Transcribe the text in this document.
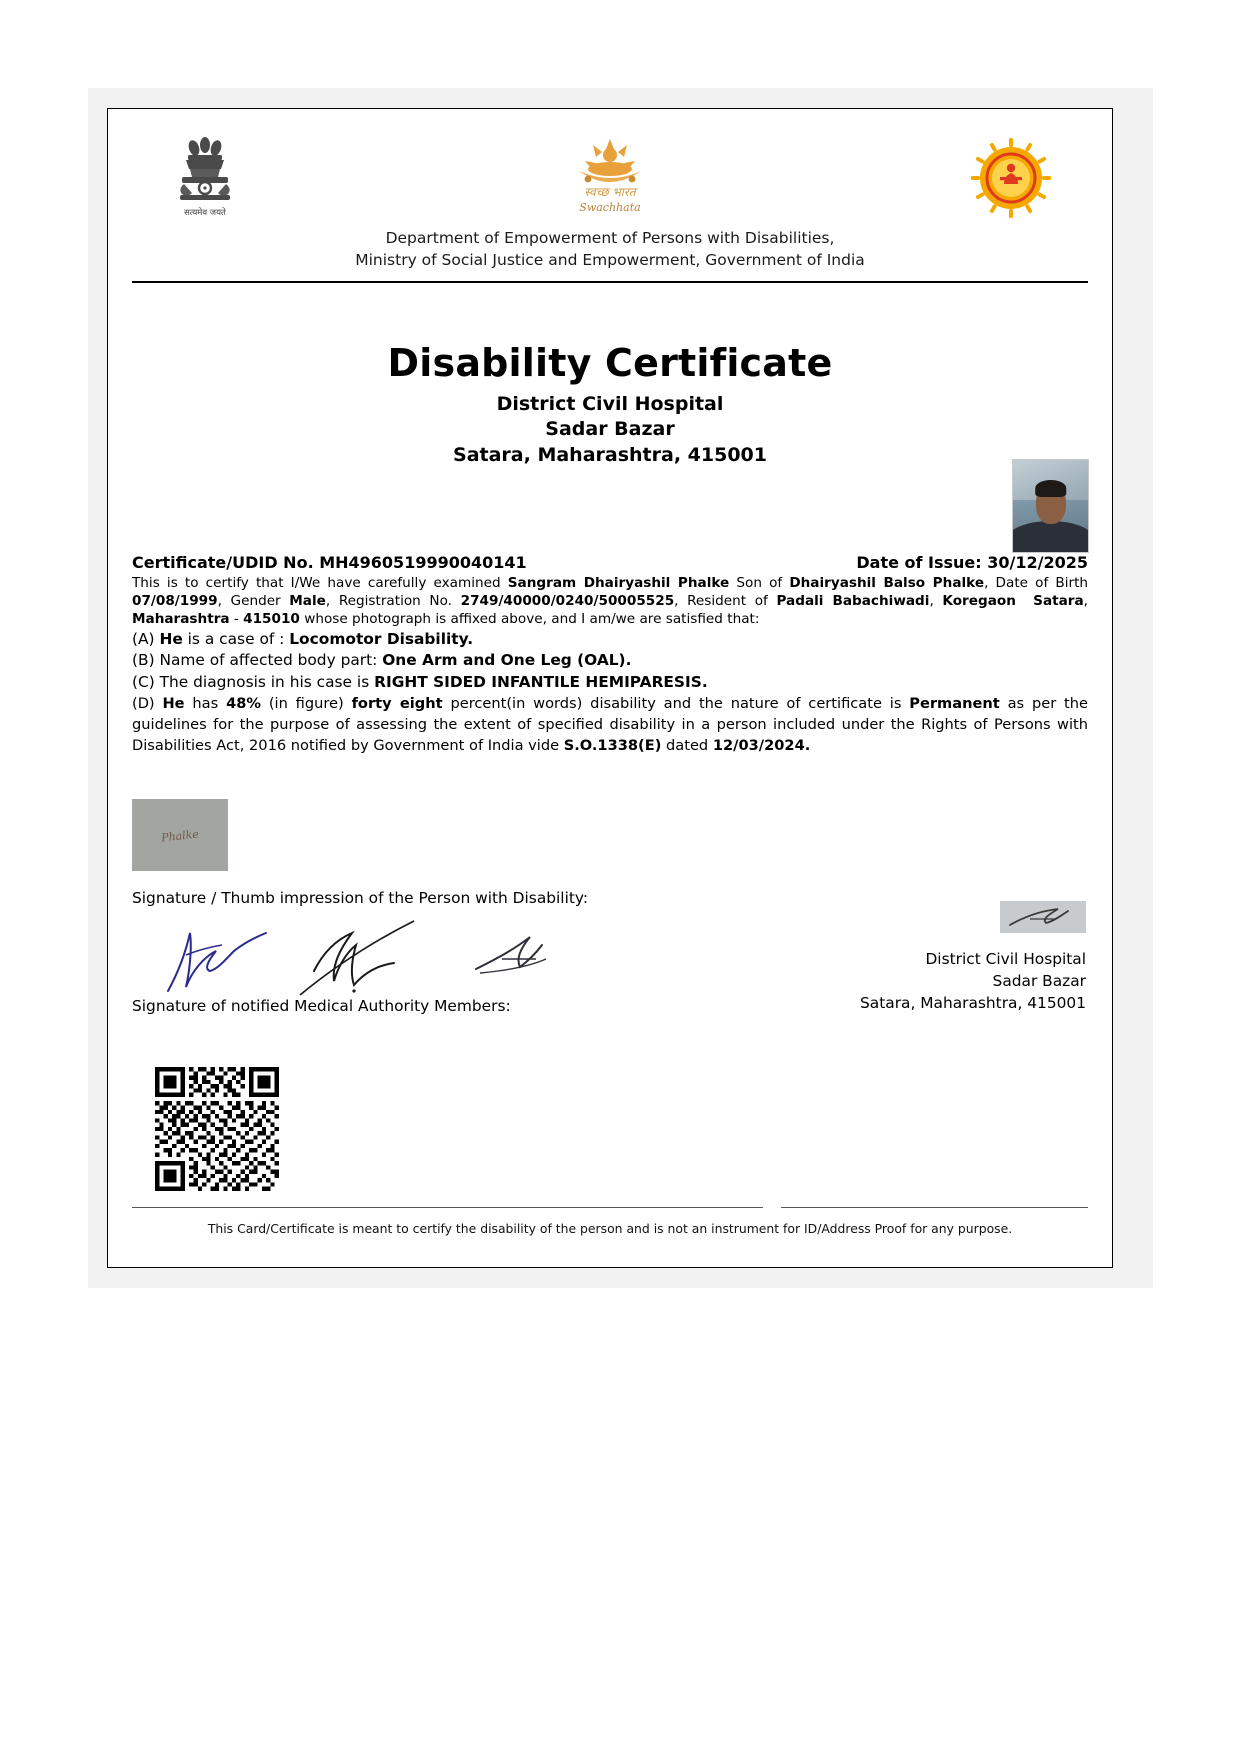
सत्यमेव जयते
स्वच्छ भारत
Swachhata
Department of Empowerment of Persons with Disabilities,
Ministry of Social Justice and Empowerment, Government of India
Disability Certificate
District Civil Hospital
Sadar Bazar
Satara, Maharashtra, 415001
Certificate/UDID No. MH4960519990040141	Date of Issue: 30/12/2025

This is to certify that I/We have carefully examined Sangram Dhairyashil Phalke Son of Dhairyashil Balso Phalke, Date of Birth 07/08/1999, Gender Male, Registration No. 2749/40000/0240/50005525, Resident of Padali Babachiwadi, Koregaon Satara, Maharashtra - 415010 whose photograph is affixed above, and I am/we are satisfied that:

(A) He is a case of : Locomotor Disability.

(B) Name of affected body part: One Arm and One Leg (OAL).

(C) The diagnosis in his case is RIGHT SIDED INFANTILE HEMIPARESIS.

(D) He has 48% (in figure) forty eight percent(in words) disability and the nature of certificate is Permanent as per the guidelines for the purpose of assessing the extent of specified disability in a person included under the Rights of Persons with Disabilities Act, 2016 notified by Government of India vide S.O.1338(E) dated 12/03/2024.

Phalke
Signature / Thumb impression of the Person with Disability:
Signature of notified Medical Authority Members:
District Civil Hospital
Sadar Bazar
Satara, Maharashtra, 415001
This Card/Certificate is meant to certify the disability of the person and is not an instrument for ID/Address Proof for any purpose.
